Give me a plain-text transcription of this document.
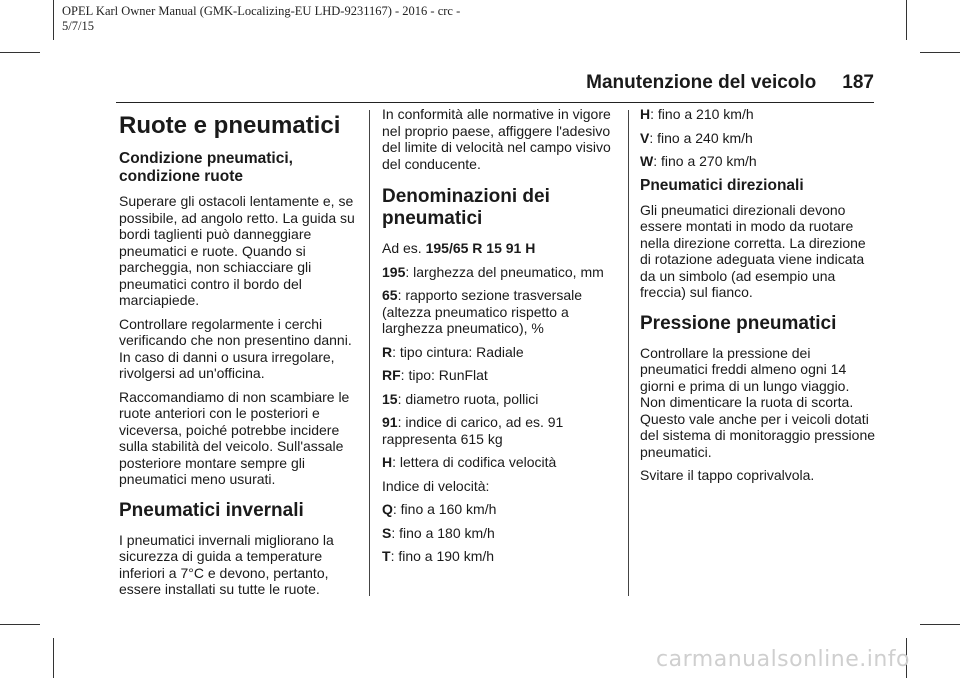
OPEL Karl Owner Manual (GMK-Localizing-EU LHD-9231167) - 2016 - crc -
5/7/15
Manutenzione del veicolo 187
Ruote e pneumatici
Condizione pneumatici, condizione ruote

Superare gli ostacoli lentamente e, se possibile, ad angolo retto. La guida su bordi taglienti può danneggiare pneumatici e ruote. Quando si parcheggia, non schiacciare gli pneumatici contro il bordo del marciapiede.

Controllare regolarmente i cerchi verificando che non presentino danni. In caso di danni o usura irregolare, rivolgersi ad un'officina.

Raccomandiamo di non scambiare le ruote anteriori con le posteriori e viceversa, poiché potrebbe incidere sulla stabilità del veicolo. Sull'assale posteriore montare sempre gli pneumatici meno usurati.

Pneumatici invernali

I pneumatici invernali migliorano la sicurezza di guida a temperature inferiori a 7°C e devono, pertanto, essere installati su tutte le ruote.

In conformità alle normative in vigore nel proprio paese, affiggere l'adesivo del limite di velocità nel campo visivo del conducente.

Denominazioni dei pneumatici

Ad es. 195/65 R 15 91 H

195: larghezza del pneumatico, mm

65: rapporto sezione trasversale (altezza pneumatico rispetto a larghezza pneumatico), %

R: tipo cintura: Radiale

RF: tipo: RunFlat

15: diametro ruota, pollici

91: indice di carico, ad es. 91 rappresenta 615 kg

H: lettera di codifica velocità

Indice di velocità:

Q: fino a 160 km/h

S: fino a 180 km/h

T: fino a 190 km/h

H: fino a 210 km/h

V: fino a 240 km/h

W: fino a 270 km/h

Pneumatici direzionali

Gli pneumatici direzionali devono essere montati in modo da ruotare nella direzione corretta. La direzione di rotazione adeguata viene indicata da un simbolo (ad esempio una freccia) sul fianco.

Pressione pneumatici

Controllare la pressione dei pneumatici freddi almeno ogni 14 giorni e prima di un lungo viaggio. Non dimenticare la ruota di scorta. Questo vale anche per i veicoli dotati del sistema di monitoraggio pressione pneumatici.

Svitare il tappo coprivalvola.

carmanualsonline.info
